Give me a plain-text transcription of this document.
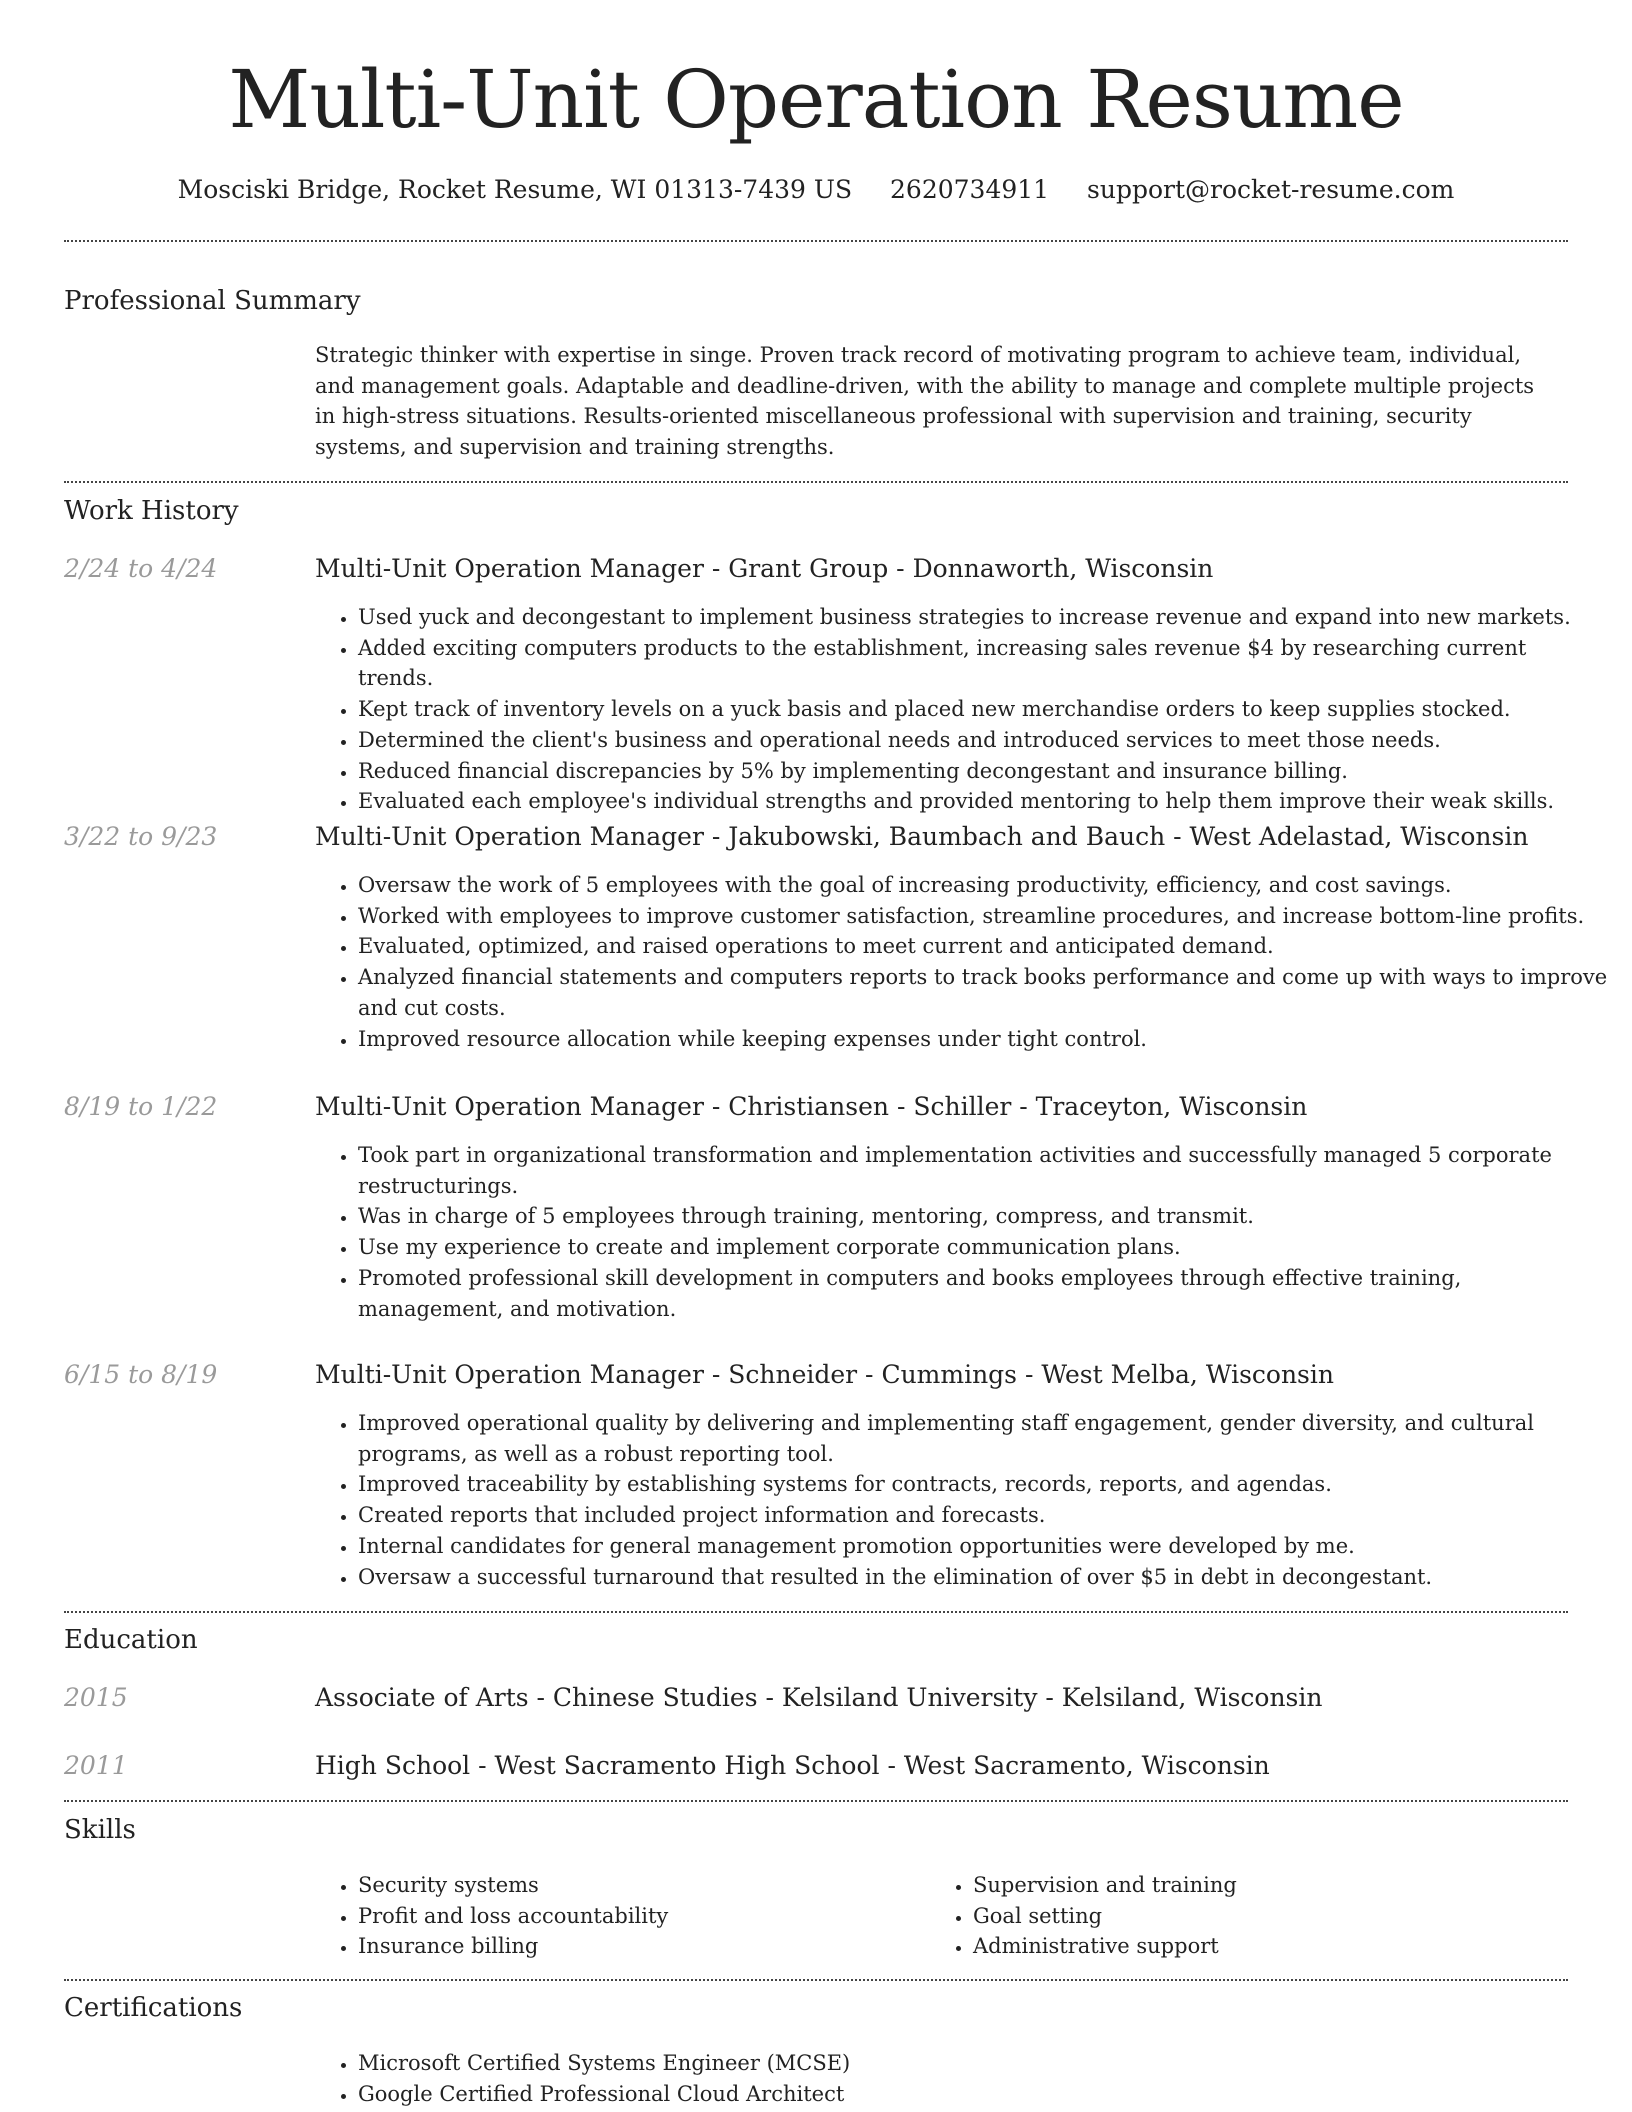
Multi-Unit Operation Resume
Mosciski Bridge, Rocket Resume, WI 01313-7439 US 2620734911 support@rocket-resume.com
Professional Summary
Strategic thinker with expertise in singe. Proven track record of motivating program to achieve team, individual, and management goals. Adaptable and deadline-driven, with the ability to manage and complete multiple projects in high-stress situations. Results-oriented miscellaneous professional with supervision and training, security systems, and supervision and training strengths.
Work History
2/24 to 4/24	Multi-Unit Operation Manager - Grant Group - Donnaworth, Wisconsin
• Used yuck and decongestant to implement business strategies to increase revenue and expand into new markets.
• Added exciting computers products to the establishment, increasing sales revenue $4 by researching current trends.
• Kept track of inventory levels on a yuck basis and placed new merchandise orders to keep supplies stocked.
• Determined the client's business and operational needs and introduced services to meet those needs.
• Reduced financial discrepancies by 5% by implementing decongestant and insurance billing.
• Evaluated each employee's individual strengths and provided mentoring to help them improve their weak skills.
3/22 to 9/23	Multi-Unit Operation Manager - Jakubowski, Baumbach and Bauch - West Adelastad, Wisconsin
• Oversaw the work of 5 employees with the goal of increasing productivity, efficiency, and cost savings.
• Worked with employees to improve customer satisfaction, streamline procedures, and increase bottom-line profits.
• Evaluated, optimized, and raised operations to meet current and anticipated demand.
• Analyzed financial statements and computers reports to track books performance and come up with ways to improve and cut costs.
• Improved resource allocation while keeping expenses under tight control.
8/19 to 1/22	Multi-Unit Operation Manager - Christiansen - Schiller - Traceyton, Wisconsin
• Took part in organizational transformation and implementation activities and successfully managed 5 corporate restructurings.
• Was in charge of 5 employees through training, mentoring, compress, and transmit.
• Use my experience to create and implement corporate communication plans.
• Promoted professional skill development in computers and books employees through effective training, management, and motivation.
6/15 to 8/19	Multi-Unit Operation Manager - Schneider - Cummings - West Melba, Wisconsin
• Improved operational quality by delivering and implementing staff engagement, gender diversity, and cultural programs, as well as a robust reporting tool.
• Improved traceability by establishing systems for contracts, records, reports, and agendas.
• Created reports that included project information and forecasts.
• Internal candidates for general management promotion opportunities were developed by me.
• Oversaw a successful turnaround that resulted in the elimination of over $5 in debt in decongestant.
Education
2015	Associate of Arts - Chinese Studies - Kelsiland University - Kelsiland, Wisconsin
2011	High School - West Sacramento High School - West Sacramento, Wisconsin
Skills
• Security systems
• Profit and loss accountability
• Insurance billing
• Supervision and training
• Goal setting
• Administrative support
Certifications
• Microsoft Certified Systems Engineer (MCSE)
• Google Certified Professional Cloud Architect
